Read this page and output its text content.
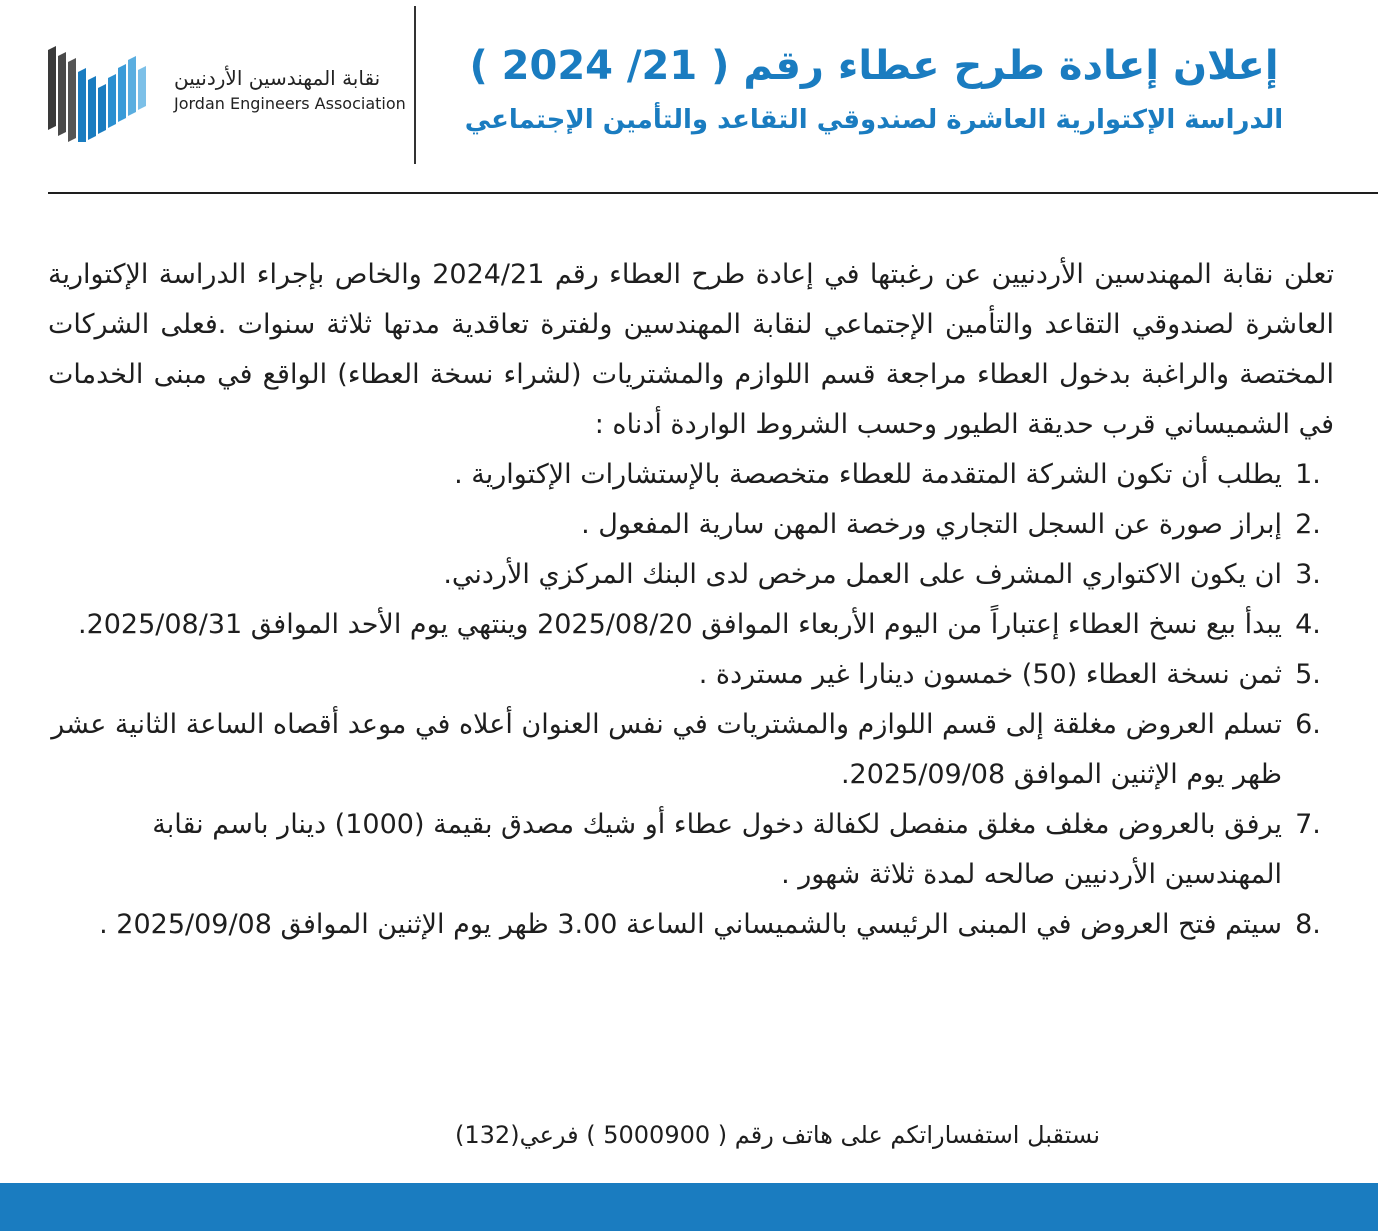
إعلان إعادة طرح عطاء رقم ( 21/ 2024 )
الدراسة الإكتوارية العاشرة لصندوقي التقاعد والتأمين الإجتماعي
نقابة المهندسين الأردنيين
Jordan Engineers Association

تعلن نقابة المهندسين الأردنيين عن رغبتها في إعادة طرح العطاء رقم 2024/21 والخاص بإجراء الدراسة الإكتوارية العاشرة لصندوقي التقاعد والتأمين الإجتماعي لنقابة المهندسين ولفترة تعاقدية مدتها ثلاثة سنوات .فعلى الشركات المختصة والراغبة بدخول العطاء مراجعة قسم اللوازم والمشتريات (لشراء نسخة العطاء) الواقع في مبنى الخدمات في الشميساني قرب حديقة الطيور وحسب الشروط الواردة أدناه :

1.
يطلب أن تكون الشركة المتقدمة للعطاء متخصصة بالإستشارات الإكتوارية .
2.
إبراز صورة عن السجل التجاري ورخصة المهن سارية المفعول .
3.
ان يكون الاكتواري المشرف على العمل مرخص لدى البنك المركزي الأردني.
4.
يبدأ بيع نسخ العطاء إعتباراً من اليوم الأربعاء الموافق 2025/08/20 وينتهي يوم الأحد الموافق 2025/08/31.
5.
ثمن نسخة العطاء (50) خمسون دينارا غير مستردة .
6.
تسلم العروض مغلقة إلى قسم اللوازم والمشتريات في نفس العنوان أعلاه في موعد أقصاه الساعة الثانية عشر ظهر يوم الإثنين الموافق 2025/09/08.
7.
يرفق بالعروض مغلف مغلق منفصل لكفالة دخول عطاء أو شيك مصدق بقيمة (1000) دينار باسم نقابة المهندسين الأردنيين صالحه لمدة ثلاثة شهور .
8.
سيتم فتح العروض في المبنى الرئيسي بالشميساني الساعة 3.00 ظهر يوم الإثنين الموافق 2025/09/08 .
نستقبل استفساراتكم على هاتف رقم ( 5000900 ) فرعي(132)
